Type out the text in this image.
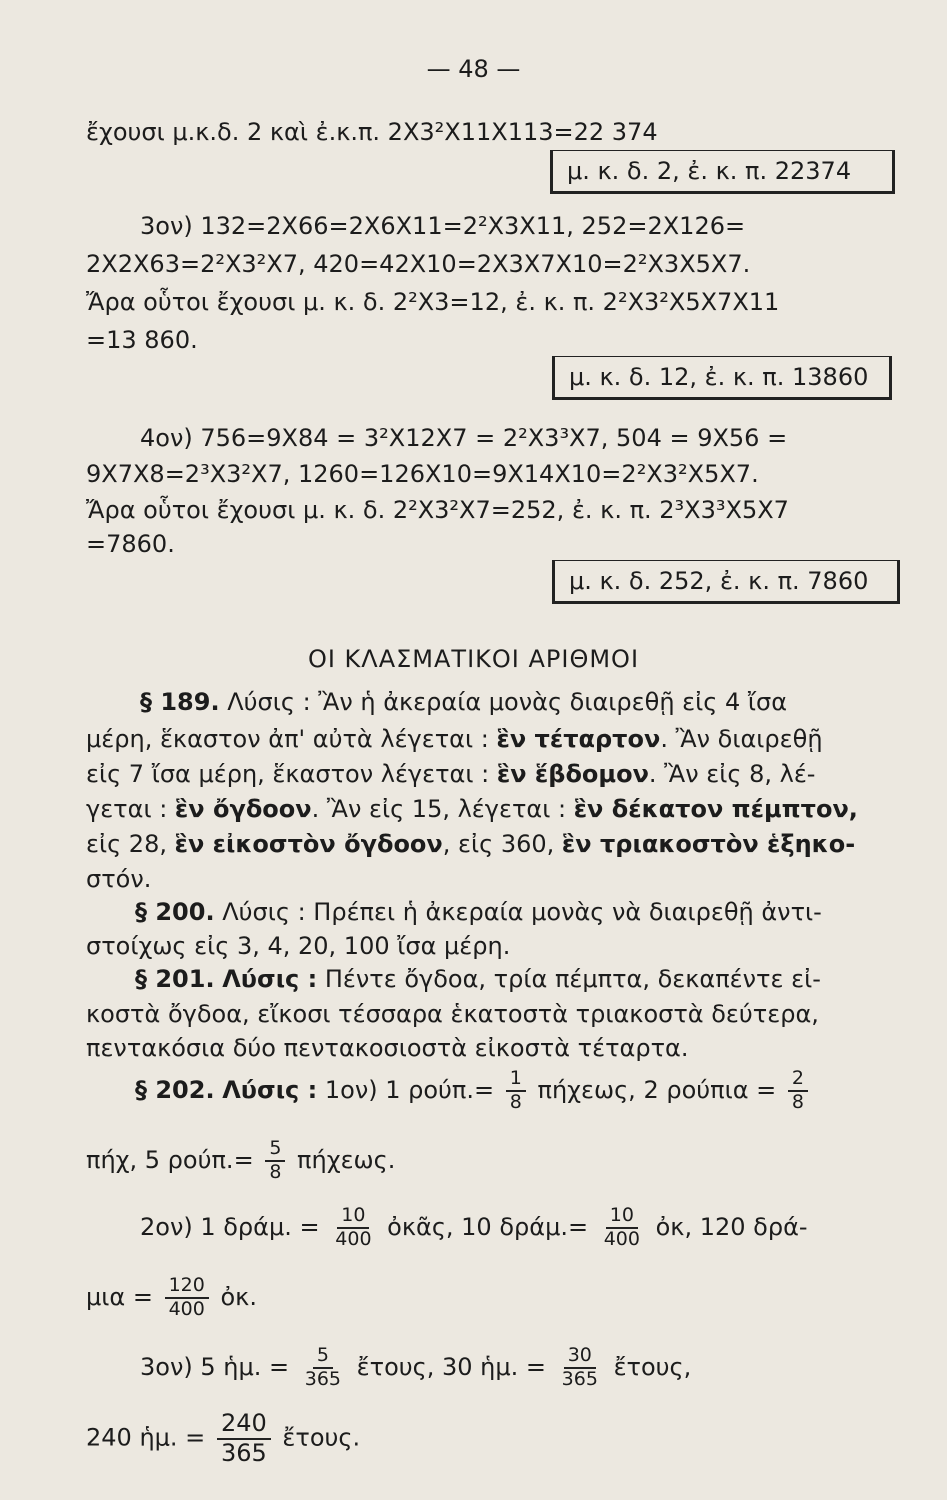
— 48 —
ἔχουσι μ.κ.δ. 2 καὶ ἐ.κ.π. 2Χ3²Χ11Χ113=22 374
μ. κ. δ. 2, ἐ. κ. π. 22374
3ον) 132=2Χ66=2Χ6Χ11=2²Χ3Χ11, 252=2Χ126=
2Χ2Χ63=2²Χ3²Χ7, 420=42Χ10=2Χ3Χ7Χ10=2²Χ3Χ5Χ7.
Ἄρα οὗτοι ἔχουσι μ. κ. δ. 2²Χ3=12, ἐ. κ. π. 2²Χ3²Χ5Χ7Χ11
=13 860.
μ. κ. δ. 12, ἐ. κ. π. 13860
4ον) 756=9Χ84 = 3²Χ12Χ7 = 2²Χ3³Χ7, 504 = 9Χ56 =
9Χ7Χ8=2³Χ3²Χ7, 1260=126Χ10=9Χ14Χ10=2²Χ3²Χ5Χ7.
Ἄρα οὗτοι ἔχουσι μ. κ. δ. 2²Χ3²Χ7=252, ἐ. κ. π. 2³Χ3³Χ5Χ7
=7860.
μ. κ. δ. 252, ἐ. κ. π. 7860
ΟΙ ΚΛΑΣΜΑΤΙΚΟΙ ΑΡΙΘΜΟΙ
§ 189. Λύσις : Ἂν ἡ ἀκεραία μονὰς διαιρεθῇ εἰς 4 ἴσα
μέρη, ἕκαστον ἀπ' αὐτὰ λέγεται : ἓν τέταρτον. Ἂν διαιρεθῇ
εἰς 7 ἴσα μέρη, ἕκαστον λέγεται : ἓν ἕβδομον. Ἂν εἰς 8, λέ-
γεται : ἓν ὄγδοον. Ἂν εἰς 15, λέγεται : ἓν δέκατον πέμπτον,
εἰς 28, ἓν εἰκοστὸν ὄγδοον, εἰς 360, ἓν τριακοστὸν ἑξηκο-
στόν.
§ 200. Λύσις : Πρέπει ἡ ἀκεραία μονὰς νὰ διαιρεθῇ ἀντι-
στοίχως εἰς 3, 4, 20, 100 ἴσα μέρη.
§ 201. Λύσις : Πέντε ὄγδοα, τρία πέμπτα, δεκαπέντε εἰ-
κοστὰ ὄγδοα, εἴκοσι τέσσαρα ἑκατοστὰ τριακοστὰ δεύτερα,
πεντακόσια δύο πεντακοσιοστὰ εἰκοστὰ τέταρτα.
§ 202. Λύσις : 1ον) 1 $\rho oύ\pi.= \frac{1}{8} \pi ή\chi\varepsilon\omega\varsigma$, 2 $\rho oύ\pi\iota\alpha = \frac{2}{8}$
πήχ, 5 $\rho oύ\pi.= \frac{5}{8} \pi ή\chi\varepsilon\omega\varsigma$.
2ον) 1 δράμ. = $\frac{10}{400}$ ὀκᾶς, 10 $\delta\rho ά\mu.= \frac{10}{400}$ ὀκ, 120 δρά-
$\mu\iota\alpha = \frac{120}{400}$ ὀκ.
3ον) 5 ἡμ. = $\frac{5}{365}$ ἔτους, 30 ἡμ. = $\frac{30}{365}$ ἔτους,
240 ἡμ. = $\frac{240}{365}$ ἔτους.
